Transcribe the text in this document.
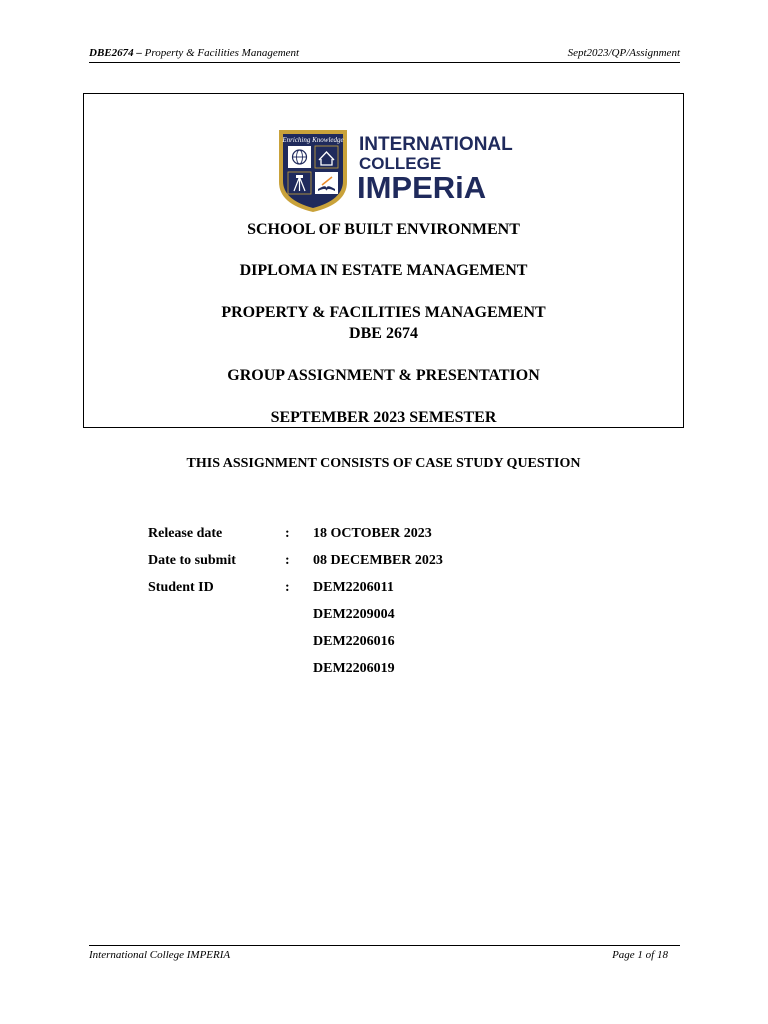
DBE2674 – Property & Facilities Management	Sept2023/QP/Assignment
Enriching Knowledge INTERNATIONAL
COLLEGE
IMPERiA
SCHOOL OF BUILT ENVIRONMENT
DIPLOMA IN ESTATE MANAGEMENT
PROPERTY & FACILITIES MANAGEMENT
DBE 2674
GROUP ASSIGNMENT & PRESENTATION
SEPTEMBER 2023 SEMESTER
THIS ASSIGNMENT CONSISTS OF CASE STUDY QUESTION
Release date	: 18 OCTOBER 2023
Date to submit	: 08 DECEMBER 2023
Student ID	: DEM2206011
DEM2209004
DEM2206016
DEM2206019
International College IMPERIA	Page 1 of 18
